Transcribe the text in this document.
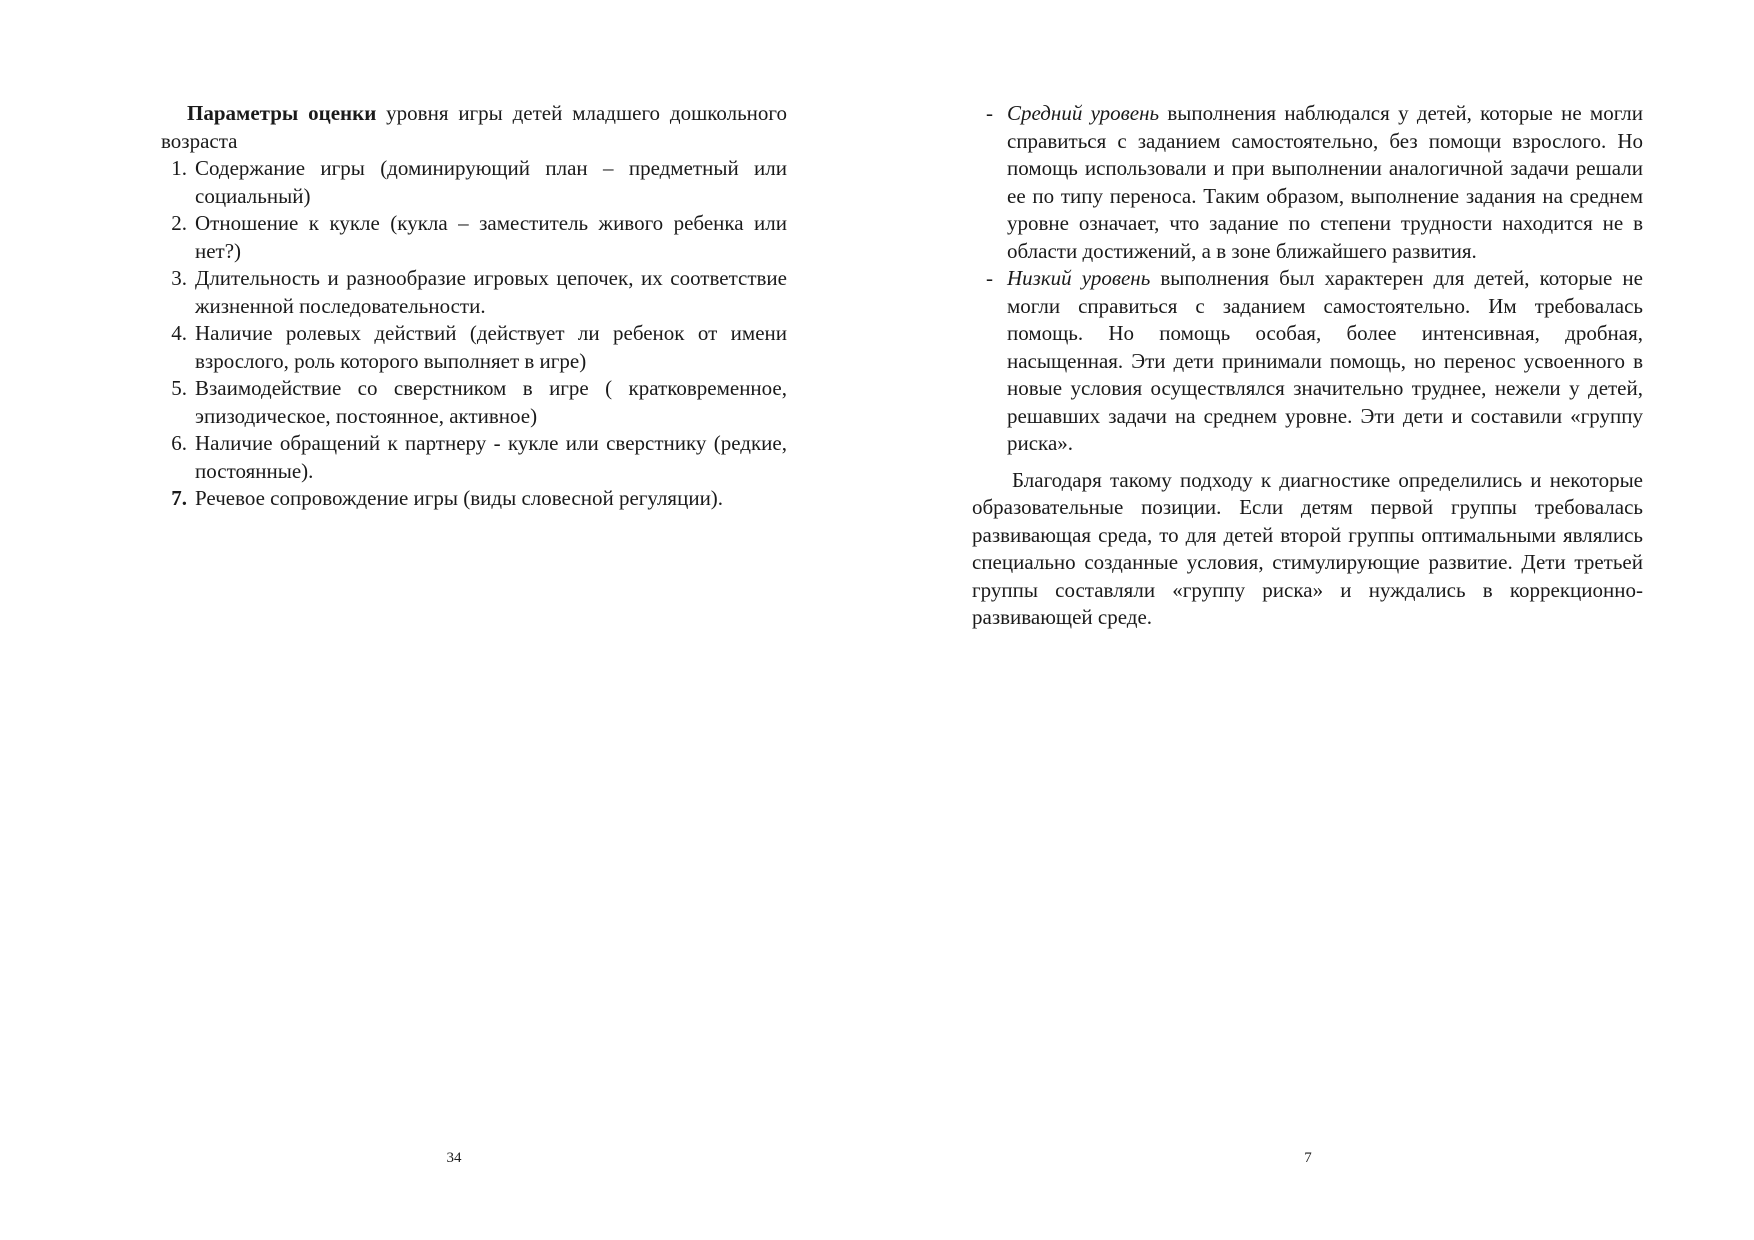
Параметры оценки уровня игры детей младшего дошкольного возраста

1. Содержание игры (доминирующий план – предметный или социальный)
2. Отношение к кукле (кукла – заместитель живого ребенка или нет?)
3. Длительность и разнообразие игровых цепочек, их соответствие жизненной последовательности.
4. Наличие ролевых действий (действует ли ребенок от имени взрослого, роль которого выполняет в игре)
5. Взаимодействие со сверстником в игре ( кратковременное, эпизодическое, постоянное, активное)
6. Наличие обращений к партнеру - кукле или сверстнику (редкие, постоянные).
7. Речевое сопровождение игры (виды словесной регуляции).
34
- Средний уровень выполнения наблюдался у детей, которые не могли справиться с заданием самостоятельно, без помощи взрослого. Но помощь использовали и при выполнении аналогичной задачи решали ее по типу переноса. Таким образом, выполнение задания на среднем уровне означает, что задание по степени трудности находится не в области достижений, а в зоне ближайшего развития.
- Низкий уровень выполнения был характерен для детей, которые не могли справиться с заданием самостоятельно. Им требовалась помощь. Но помощь особая, более интенсивная, дробная, насыщенная. Эти дети принимали помощь, но перенос усвоенного в новые условия осуществлялся значительно труднее, нежели у детей, решавших задачи на среднем уровне. Эти дети и составили «группу риска».

Благодаря такому подходу к диагностике определились и некоторые образовательные позиции. Если детям первой группы требовалась развивающая среда, то для детей второй группы оптимальными являлись специально созданные условия, стимулирующие развитие. Дети третьей группы составляли «группу риска» и нуждались в коррекционно-развивающей среде.

7
